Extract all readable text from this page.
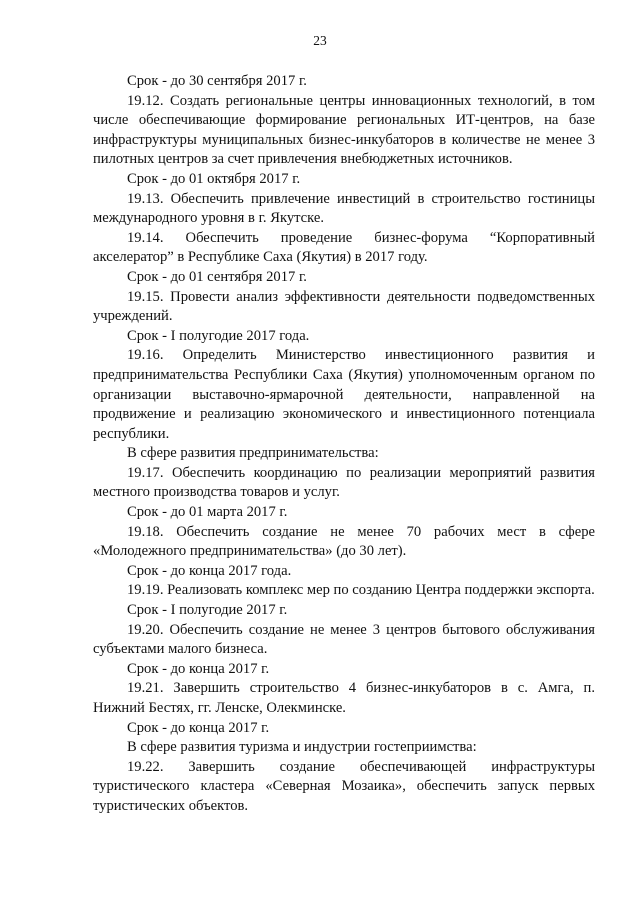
23

Срок - до 30 сентября 2017 г.

19.12. Создать региональные центры инновационных технологий, в том числе обеспечивающие формирование региональных ИТ-центров, на базе инфраструктуры муниципальных бизнес-инкубаторов в количестве не менее 3 пилотных центров за счет привлечения внебюджетных источников.

Срок - до 01 октября 2017 г.

19.13. Обеспечить привлечение инвестиций в строительство гостиницы международного уровня в г. Якутске.

19.14. Обеспечить проведение бизнес-форума “Корпоративный акселератор” в Республике Саха (Якутия) в 2017 году.

Срок - до 01 сентября 2017 г.

19.15. Провести анализ эффективности деятельности подведомственных учреждений.

Срок - I полугодие 2017 года.

19.16. Определить Министерство инвестиционного развития и предпринимательства Республики Саха (Якутия) уполномоченным органом по организации выставочно-ярмарочной деятельности, направленной на продвижение и реализацию экономического и инвестиционного потенциала республики.

В сфере развития предпринимательства:

19.17. Обеспечить координацию по реализации мероприятий развития местного производства товаров и услуг.

Срок - до 01 марта 2017 г.

19.18. Обеспечить создание не менее 70 рабочих мест в сфере «Молодежного предпринимательства» (до 30 лет).

Срок - до конца 2017 года.

19.19. Реализовать комплекс мер по созданию Центра поддержки экспорта.

Срок - I полугодие 2017 г.

19.20. Обеспечить создание не менее 3 центров бытового обслуживания субъектами малого бизнеса.

Срок - до конца 2017 г.

19.21. Завершить строительство 4 бизнес-инкубаторов в с. Амга, п. Нижний Бестях, гг. Ленске, Олекминске.

Срок - до конца 2017 г.

В сфере развития туризма и индустрии гостеприимства:

19.22. Завершить создание обеспечивающей инфраструктуры туристического кластера «Северная Мозаика», обеспечить запуск первых туристических объектов.
